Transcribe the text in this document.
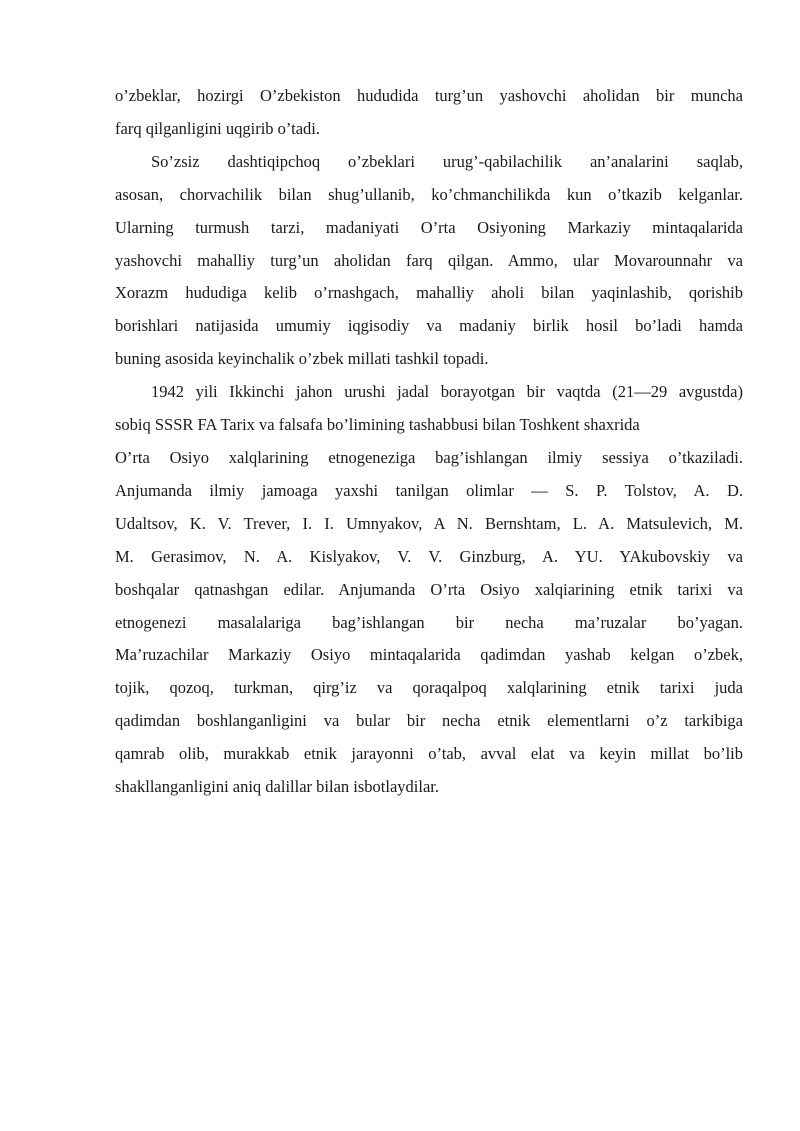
o’zbeklar, hozirgi O’zbekiston hududida turg’un yashovchi aholidan bir muncha
farq qilganligini uqgirib o’tadi.
So’zsiz dashtiqipchoq o’zbeklari urug’-qabilachilik an’analarini saqlab,
asosan, chorvachilik bilan shug’ullanib, ko’chmanchilikda kun o’tkazib kelganlar.
Ularning turmush tarzi, madaniyati O’rta Osiyoning Markaziy mintaqalarida
yashovchi mahalliy turg’un aholidan farq qilgan. Ammo, ular Movarounnahr va
Xorazm hududiga kelib o’rnashgach, mahalliy aholi bilan yaqinlashib, qorishib
borishlari natijasida umumiy iqgisodiy va madaniy birlik hosil bo’ladi hamda
buning asosida keyinchalik o’zbek millati tashkil topadi.
1942 yili Ikkinchi jahon urushi jadal borayotgan bir vaqtda (21—29 avgustda)
sobiq SSSR FA Tarix va falsafa bo’limining tashabbusi bilan Toshkent shaxrida
O’rta Osiyo xalqlarining etnogeneziga bag’ishlangan ilmiy sessiya o’tkaziladi.
Anjumanda ilmiy jamoaga yaxshi tanilgan olimlar — S. P. Tolstov, A. D.
Udaltsov, K. V. Trever, I. I. Umnyakov, A N. Bernshtam, L. A. Matsulevich, M.
M. Gerasimov, N. A. Kislyakov, V. V. Ginzburg, A. YU. YAkubovskiy va
boshqalar qatnashgan edilar. Anjumanda O’rta Osiyo xalqiarining etnik tarixi va
etnogenezi masalalariga bag’ishlangan bir necha ma’ruzalar bo’yagan.
Ma’ruzachilar Markaziy Osiyo mintaqalarida qadimdan yashab kelgan o’zbek,
tojik, qozoq, turkman, qirg’iz va qoraqalpoq xalqlarining etnik tarixi juda
qadimdan boshlanganligini va bular bir necha etnik elementlarni o’z tarkibiga
qamrab olib, murakkab etnik jarayonni o’tab, avval elat va keyin millat bo’lib
shakllanganligini aniq dalillar bilan isbotlaydilar.
